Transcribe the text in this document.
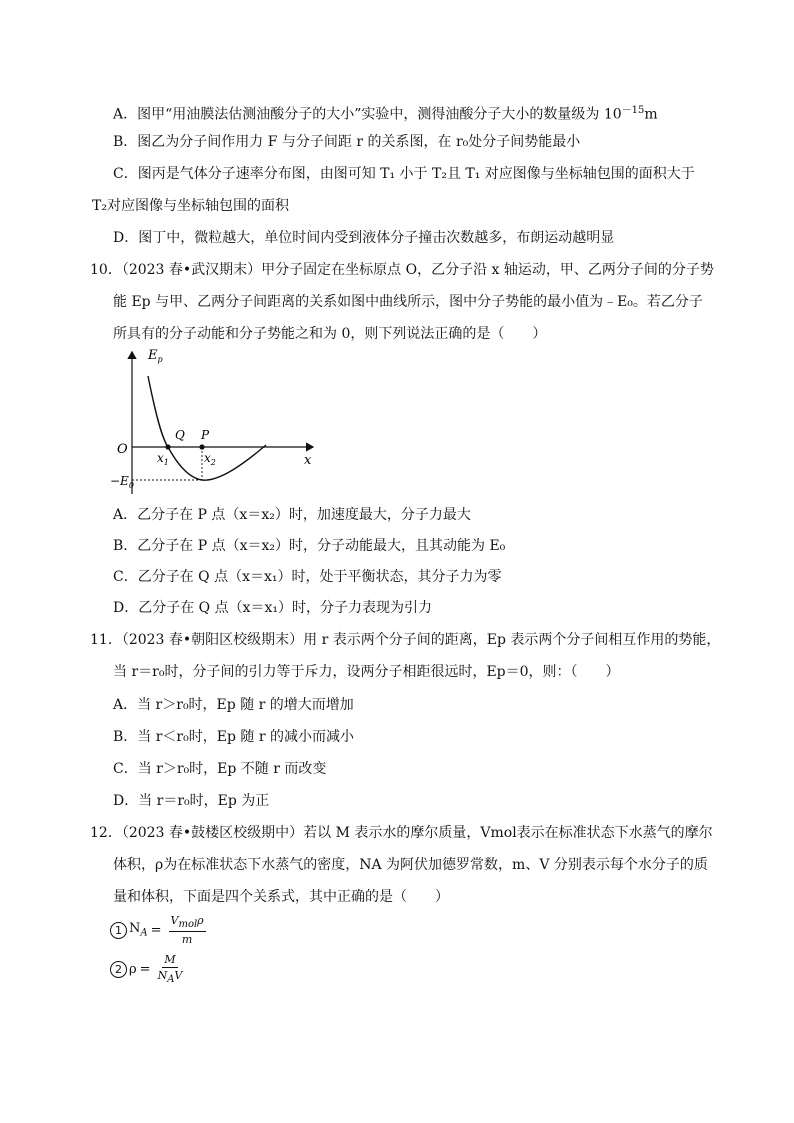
A．图甲“用油膜法估测油酸分子的大小”实验中，测得油酸分子大小的数量级为 $10^{-15}m$
B．图乙为分子间作用力 F 与分子间距 r 的关系图，在 r₀处分子间势能最小
C．图丙是气体分子速率分布图，由图可知 T₁ 小于 T₂且 T₁ 对应图像与坐标轴包围的面积大于
T₂对应图像与坐标轴包围的面积
D．图丁中，微粒越大，单位时间内受到液体分子撞击次数越多，布朗运动越明显
10．（2023 春•武汉期末）甲分子固定在坐标原点 O，乙分子沿 x 轴运动，甲、乙两分子间的分子势
能 Ep 与甲、乙两分子间距离的关系如图中曲线所示，图中分子势能的最小值为﹣E₀。若乙分子
所具有的分子动能和分子势能之和为 0，则下列说法正确的是（　　）
$E_p$
x
O
Q P
$x_1$	$x_2$
$-E_0$
A．乙分子在 P 点（x＝x₂）时，加速度最大，分子力最大
B．乙分子在 P 点（x＝x₂）时，分子动能最大，且其动能为 E₀
C．乙分子在 Q 点（x＝x₁）时，处于平衡状态，其分子力为零
D．乙分子在 Q 点（x＝x₁）时，分子力表现为引力
11．（2023 春•朝阳区校级期末）用 r 表示两个分子间的距离，Ep 表示两个分子间相互作用的势能，
当 r＝r₀时，分子间的引力等于斥力，设两分子相距很远时，Ep＝0，则：（　　）
A．当 r＞r₀时，Ep 随 r 的增大而增加
B．当 r＜r₀时，Ep 随 r 的减小而减小
C．当 r＞r₀时，Ep 不随 r 而改变
D．当 r＝r₀时，Ep 为正
12．（2023 春•鼓楼区校级期中）若以 M 表示水的摩尔质量，Vmol表示在标准状态下水蒸气的摩尔
体积，ρ为在标准状态下水蒸气的密度，NA 为阿伏加德罗常数，m、V 分别表示每个水分子的质
量和体积，下面是四个关系式，其中正确的是（　　）
1 $N_A = \frac{V_{mol}\rho}{m}$
2 $\rho = \frac{M}{N_AV}$
